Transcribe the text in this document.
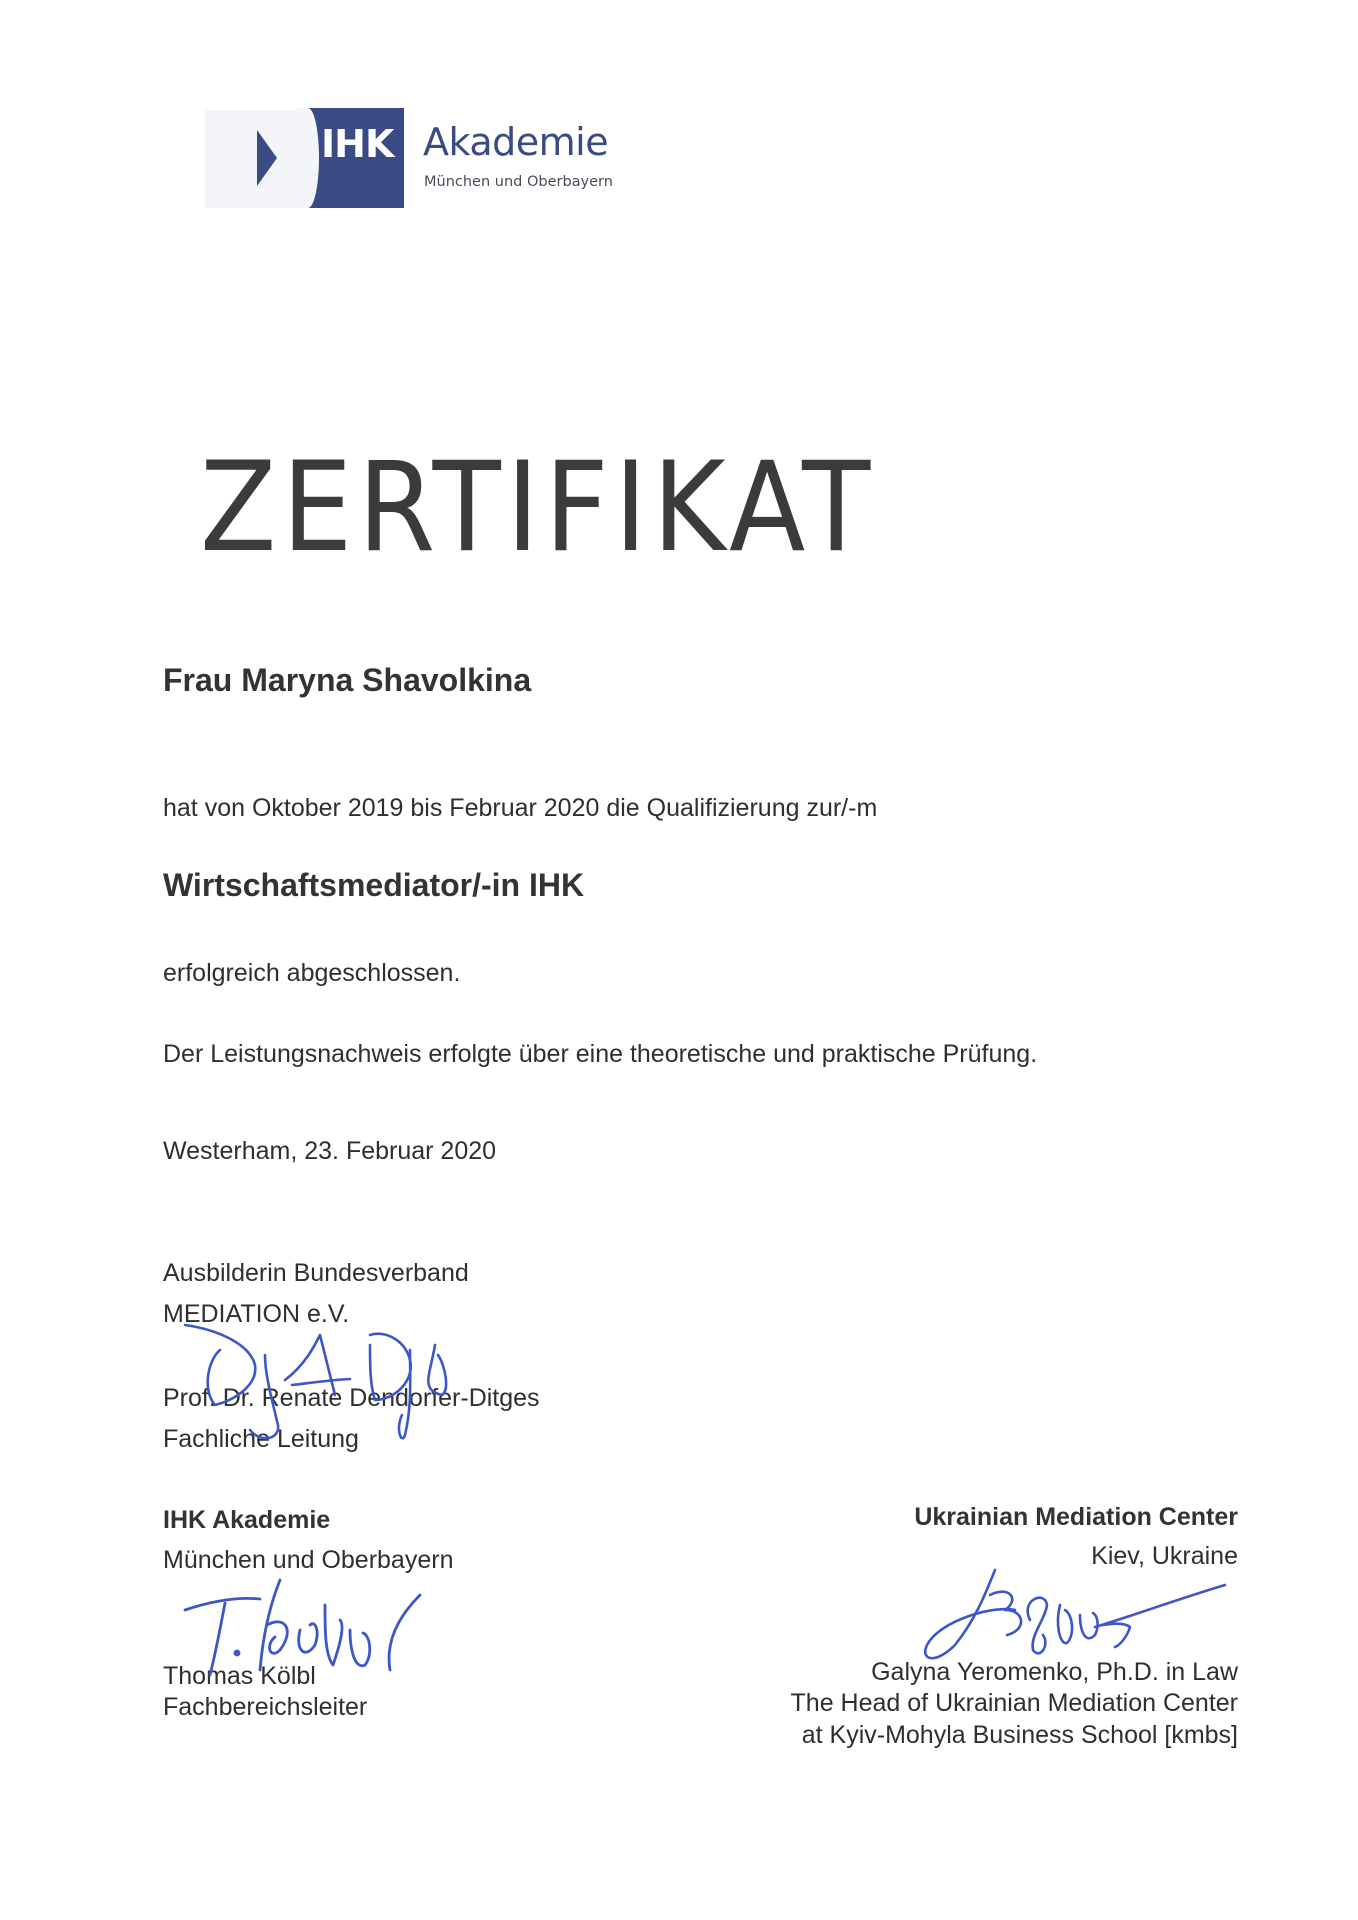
IHK Akademie
München und Oberbayern
ZERTIFIKAT
Frau Maryna Shavolkina
hat von Oktober 2019 bis Februar 2020 die Qualifizierung zur/-m
Wirtschaftsmediator/-in IHK
erfolgreich abgeschlossen.
Der Leistungsnachweis erfolgte über eine theoretische und praktische Prüfung.
Westerham, 23. Februar 2020
Ausbilderin Bundesverband
MEDIATION e.V.
Prof. Dr. Renate Dendorfer-Ditges
Fachliche Leitung
IHK Akademie
München und Oberbayern
Thomas Kölbl
Fachbereichsleiter
Ukrainian Mediation Center
Kiev, Ukraine
Galyna Yeromenko, Ph.D. in Law
The Head of Ukrainian Mediation Center
at Kyiv-Mohyla Business School [kmbs]
